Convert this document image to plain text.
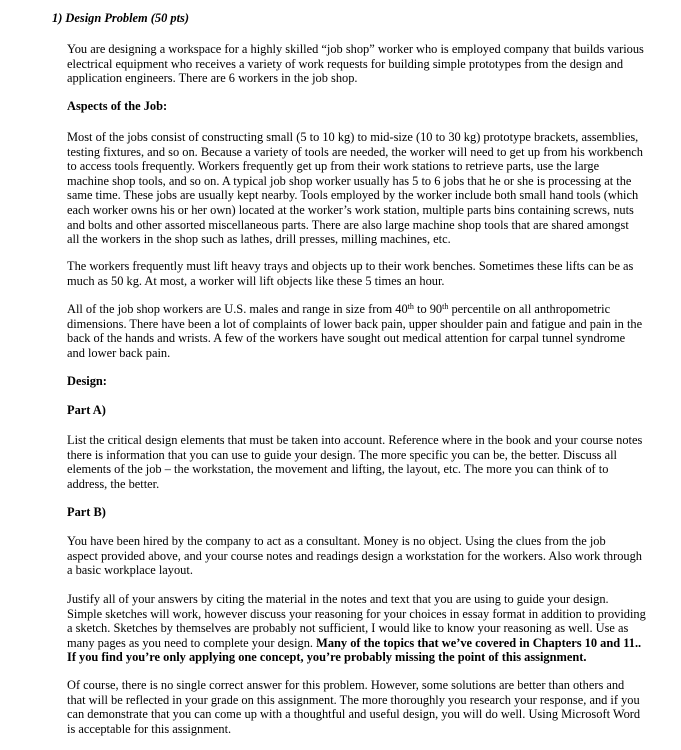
1) Design Problem (50 pts)
You are designing a workspace for a highly skilled “job shop” worker who is employed company that builds various
electrical equipment who receives a variety of work requests for building simple prototypes from the design and
application engineers. There are 6 workers in the job shop.
Aspects of the Job:
Most of the jobs consist of constructing small (5 to 10 kg) to mid-size (10 to 30 kg) prototype brackets, assemblies,
testing fixtures, and so on. Because a variety of tools are needed, the worker will need to get up from his workbench
to access tools frequently. Workers frequently get up from their work stations to retrieve parts, use the large
machine shop tools, and so on. A typical job shop worker usually has 5 to 6 jobs that he or she is processing at the
same time. These jobs are usually kept nearby. Tools employed by the worker include both small hand tools (which
each worker owns his or her own) located at the worker’s work station, multiple parts bins containing screws, nuts
and bolts and other assorted miscellaneous parts. There are also large machine shop tools that are shared amongst
all the workers in the shop such as lathes, drill presses, milling machines, etc.
The workers frequently must lift heavy trays and objects up to their work benches. Sometimes these lifts can be as
much as 50 kg. At most, a worker will lift objects like these 5 times an hour.
All of the job shop workers are U.S. males and range in size from 40th to 90th percentile on all anthropometric
dimensions. There have been a lot of complaints of lower back pain, upper shoulder pain and fatigue and pain in the
back of the hands and wrists. A few of the workers have sought out medical attention for carpal tunnel syndrome
and lower back pain.
Design:
Part A)
List the critical design elements that must be taken into account. Reference where in the book and your course notes
there is information that you can use to guide your design. The more specific you can be, the better. Discuss all
elements of the job – the workstation, the movement and lifting, the layout, etc. The more you can think of to
address, the better.
Part B)
You have been hired by the company to act as a consultant. Money is no object. Using the clues from the job
aspect provided above, and your course notes and readings design a workstation for the workers. Also work through
a basic workplace layout.
Justify all of your answers by citing the material in the notes and text that you are using to guide your design.
Simple sketches will work, however discuss your reasoning for your choices in essay format in addition to providing
a sketch. Sketches by themselves are probably not sufficient, I would like to know your reasoning as well. Use as
many pages as you need to complete your design. Many of the topics that we’ve covered in Chapters 10 and 11..
If you find you’re only applying one concept, you’re probably missing the point of this assignment.
Of course, there is no single correct answer for this problem. However, some solutions are better than others and
that will be reflected in your grade on this assignment. The more thoroughly you research your response, and if you
can demonstrate that you can come up with a thoughtful and useful design, you will do well. Using Microsoft Word
is acceptable for this assignment.
